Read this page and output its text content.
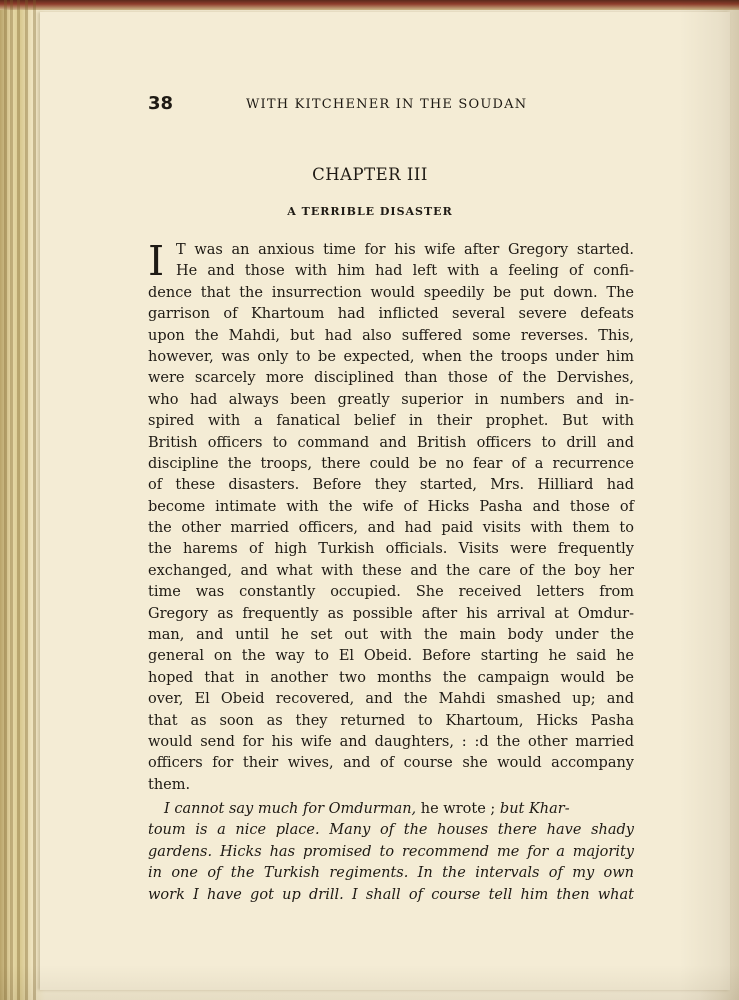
38	WITH KITCHENER IN THE SOUDAN
CHAPTER III
A TERRIBLE DISASTER
I T was an anxious time for his wife after Gregory started.
He and those with him had left with a feeling of confi-
dence that the insurrection would speedily be put down. The
garrison of Khartoum had inflicted several severe defeats
upon the Mahdi, but had also suffered some reverses. This,
however, was only to be expected, when the troops under him
were scarcely more disciplined than those of the Dervishes,
who had always been greatly superior in numbers and in-
spired with a fanatical belief in their prophet. But with
British officers to command and British officers to drill and
discipline the troops, there could be no fear of a recurrence
of these disasters. Before they started, Mrs. Hilliard had
become intimate with the wife of Hicks Pasha and those of
the other married officers, and had paid visits with them to
the harems of high Turkish officials. Visits were frequently
exchanged, and what with these and the care of the boy her
time was constantly occupied. She received letters from
Gregory as frequently as possible after his arrival at Omdur-
man, and until he set out with the main body under the
general on the way to El Obeid. Before starting he said he
hoped that in another two months the campaign would be
over, El Obeid recovered, and the Mahdi smashed up; and
that as soon as they returned to Khartoum, Hicks Pasha
would send for his wife and daughters, : :d the other married
officers for their wives, and of course she would accompany
them.
I cannot say much for Omdurman, he wrote ; but Khar-
toum is a nice place. Many of the houses there have shady
gardens. Hicks has promised to recommend me for a majority
in one of the Turkish regiments. In the intervals of my own
work I have got up drill. I shall of course tell him then what
